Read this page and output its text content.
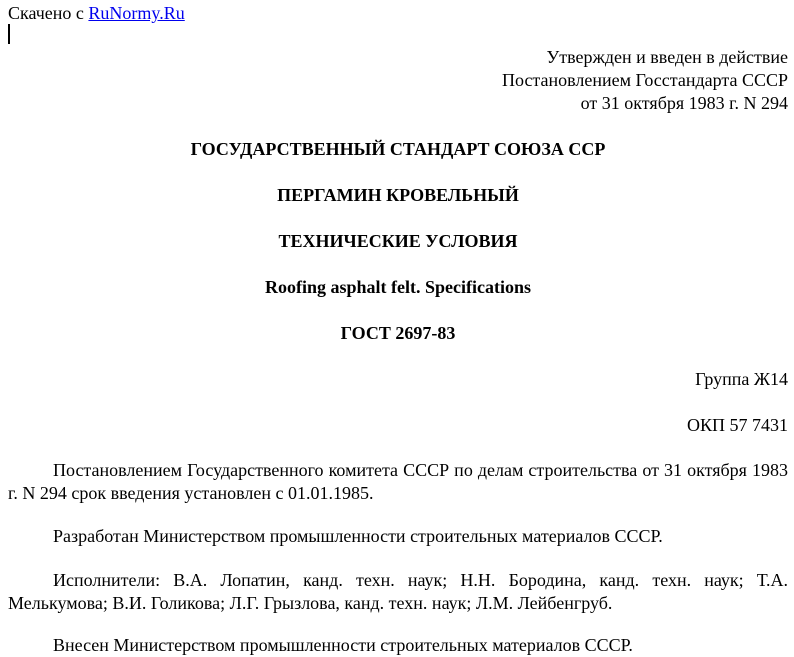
Скачено с RuNormy.Ru
Утвержден и введен в действие
Постановлением Госстандарта СССР
от 31 октября 1983 г. N 294
ГОСУДАРСТВЕННЫЙ СТАНДАРТ СОЮЗА ССР
ПЕРГАМИН КРОВЕЛЬНЫЙ
ТЕХНИЧЕСКИЕ УСЛОВИЯ
Roofing asphalt felt. Specifications
ГОСТ 2697-83
Группа Ж14
ОКП 57 7431
Постановлением Государственного комитета СССР по делам строительства от 31 октября 1983 г. N 294 срок введения установлен с 01.01.1985.
Разработан Министерством промышленности строительных материалов СССР.
Исполнители: В.А. Лопатин, канд. техн. наук; Н.Н. Бородина, канд. техн. наук; Т.А. Мелькумова; В.И. Голикова; Л.Г. Грызлова, канд. техн. наук; Л.М. Лейбенгруб.
Внесен Министерством промышленности строительных материалов СССР.
